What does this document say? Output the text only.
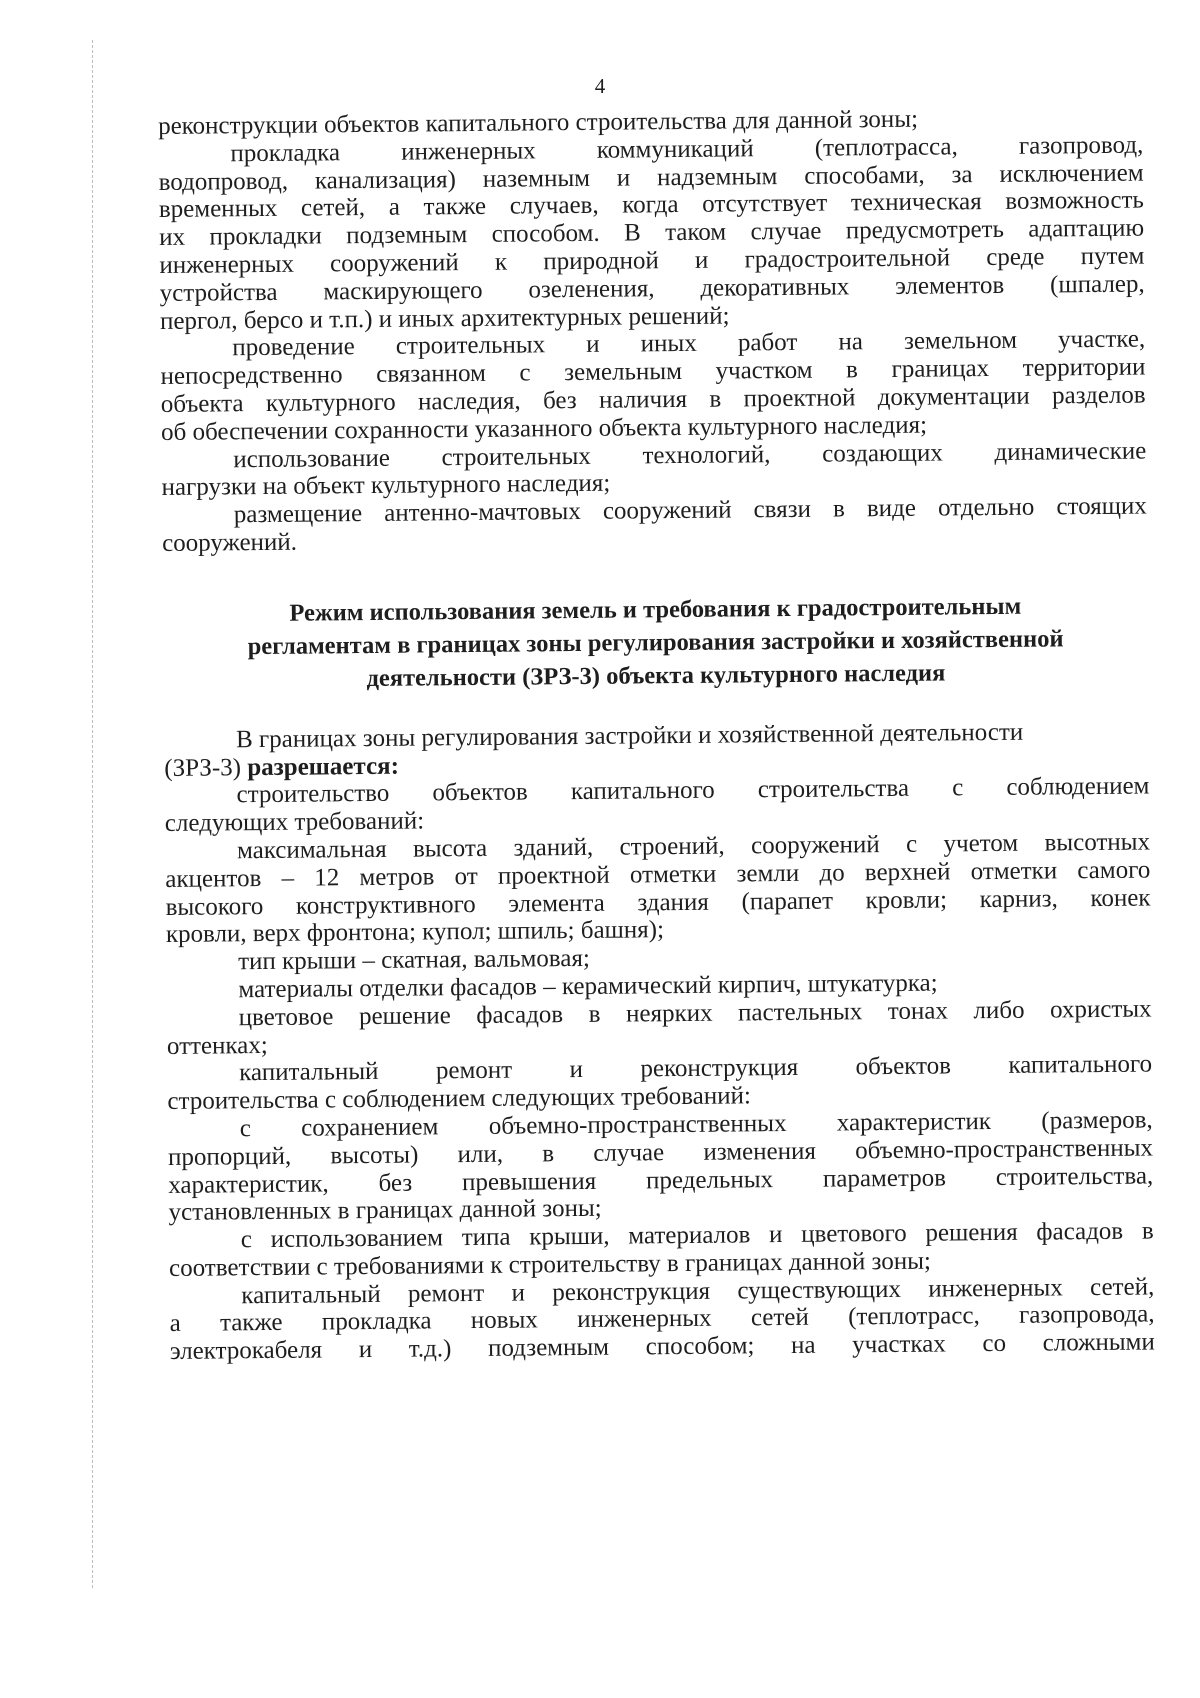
4
реконструкции объектов капитального строительства для данной зоны;
прокладка инженерных коммуникаций (теплотрасса, газопровод,
водопровод, канализация) наземным и надземным способами, за исключением
временных сетей, а также случаев, когда отсутствует техническая возможность
их прокладки подземным способом. В таком случае предусмотреть адаптацию
инженерных сооружений к природной и градостроительной среде путем
устройства маскирующего озеленения, декоративных элементов (шпалер,
пергол, берсо и т.п.) и иных архитектурных решений;
проведение строительных и иных работ на земельном участке,
непосредственно связанном с земельным участком в границах территории
объекта культурного наследия, без наличия в проектной документации разделов
об обеспечении сохранности указанного объекта культурного наследия;
использование строительных технологий, создающих динамические
нагрузки на объект культурного наследия;
размещение антенно-мачтовых сооружений связи в виде отдельно стоящих
сооружений.
Режим использования земель и требования к градостроительным
регламентам в границах зоны регулирования застройки и хозяйственной
деятельности (ЗРЗ-3) объекта культурного наследия
В границах зоны регулирования застройки и хозяйственной деятельности
(ЗРЗ-3) разрешается:
строительство объектов капитального строительства с соблюдением
следующих требований:
максимальная высота зданий, строений, сооружений с учетом высотных
акцентов – 12 метров от проектной отметки земли до верхней отметки самого
высокого конструктивного элемента здания (парапет кровли; карниз, конек
кровли, верх фронтона; купол; шпиль; башня);
тип крыши – скатная, вальмовая;
материалы отделки фасадов – керамический кирпич, штукатурка;
цветовое решение фасадов в неярких пастельных тонах либо охристых
оттенках;
капитальный ремонт и реконструкция объектов капитального
строительства с соблюдением следующих требований:
с сохранением объемно-пространственных характеристик (размеров,
пропорций, высоты) или, в случае изменения объемно-пространственных
характеристик, без превышения предельных параметров строительства,
установленных в границах данной зоны;
с использованием типа крыши, материалов и цветового решения фасадов в
соответствии с требованиями к строительству в границах данной зоны;
капитальный ремонт и реконструкция существующих инженерных сетей,
а также прокладка новых инженерных сетей (теплотрасс, газопровода,
электрокабеля и т.д.) подземным способом; на участках со сложными
